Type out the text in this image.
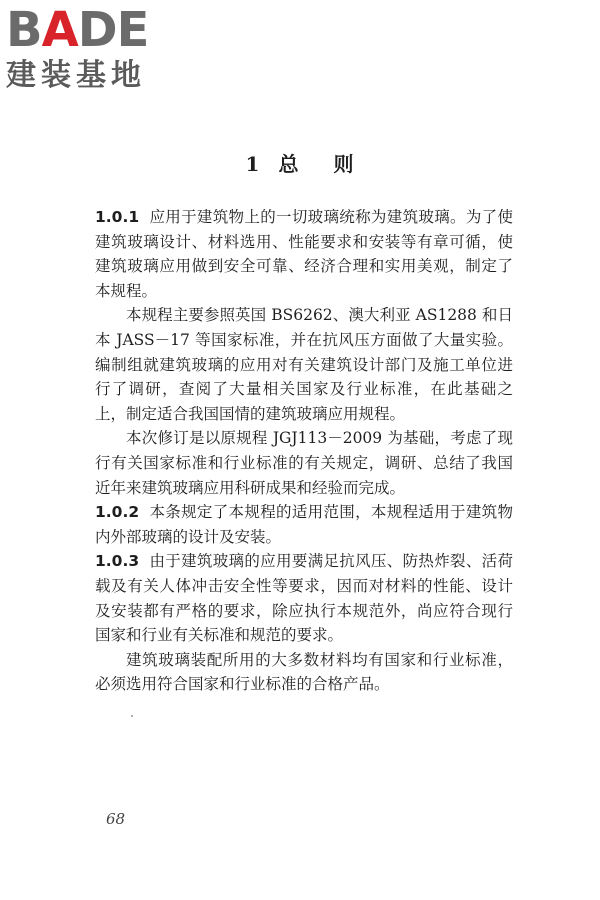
BADE
建装基地
1 总 则

1.0.1 应用于建筑物上的一切玻璃统称为建筑玻璃。为了使建筑玻璃设计、材料选用、性能要求和安装等有章可循，使建筑玻璃应用做到安全可靠、经济合理和实用美观，制定了本规程。

本规程主要参照英国 BS6262、澳大利亚 AS1288 和日本 JASS－17 等国家标准，并在抗风压方面做了大量实验。编制组就建筑玻璃的应用对有关建筑设计部门及施工单位进行了调研，查阅了大量相关国家及行业标准，在此基础之上，制定适合我国国情的建筑玻璃应用规程。

本次修订是以原规程 JGJ113－2009 为基础，考虑了现行有关国家标准和行业标准的有关规定，调研、总结了我国近年来建筑玻璃应用科研成果和经验而完成。

1.0.2 本条规定了本规程的适用范围，本规程适用于建筑物内外部玻璃的设计及安装。

1.0.3 由于建筑玻璃的应用要满足抗风压、防热炸裂、活荷载及有关人体冲击安全性等要求，因而对材料的性能、设计及安装都有严格的要求，除应执行本规范外，尚应符合现行国家和行业有关标准和规范的要求。

建筑玻璃装配所用的大多数材料均有国家和行业标准，必须选用符合国家和行业标准的合格产品。

68
